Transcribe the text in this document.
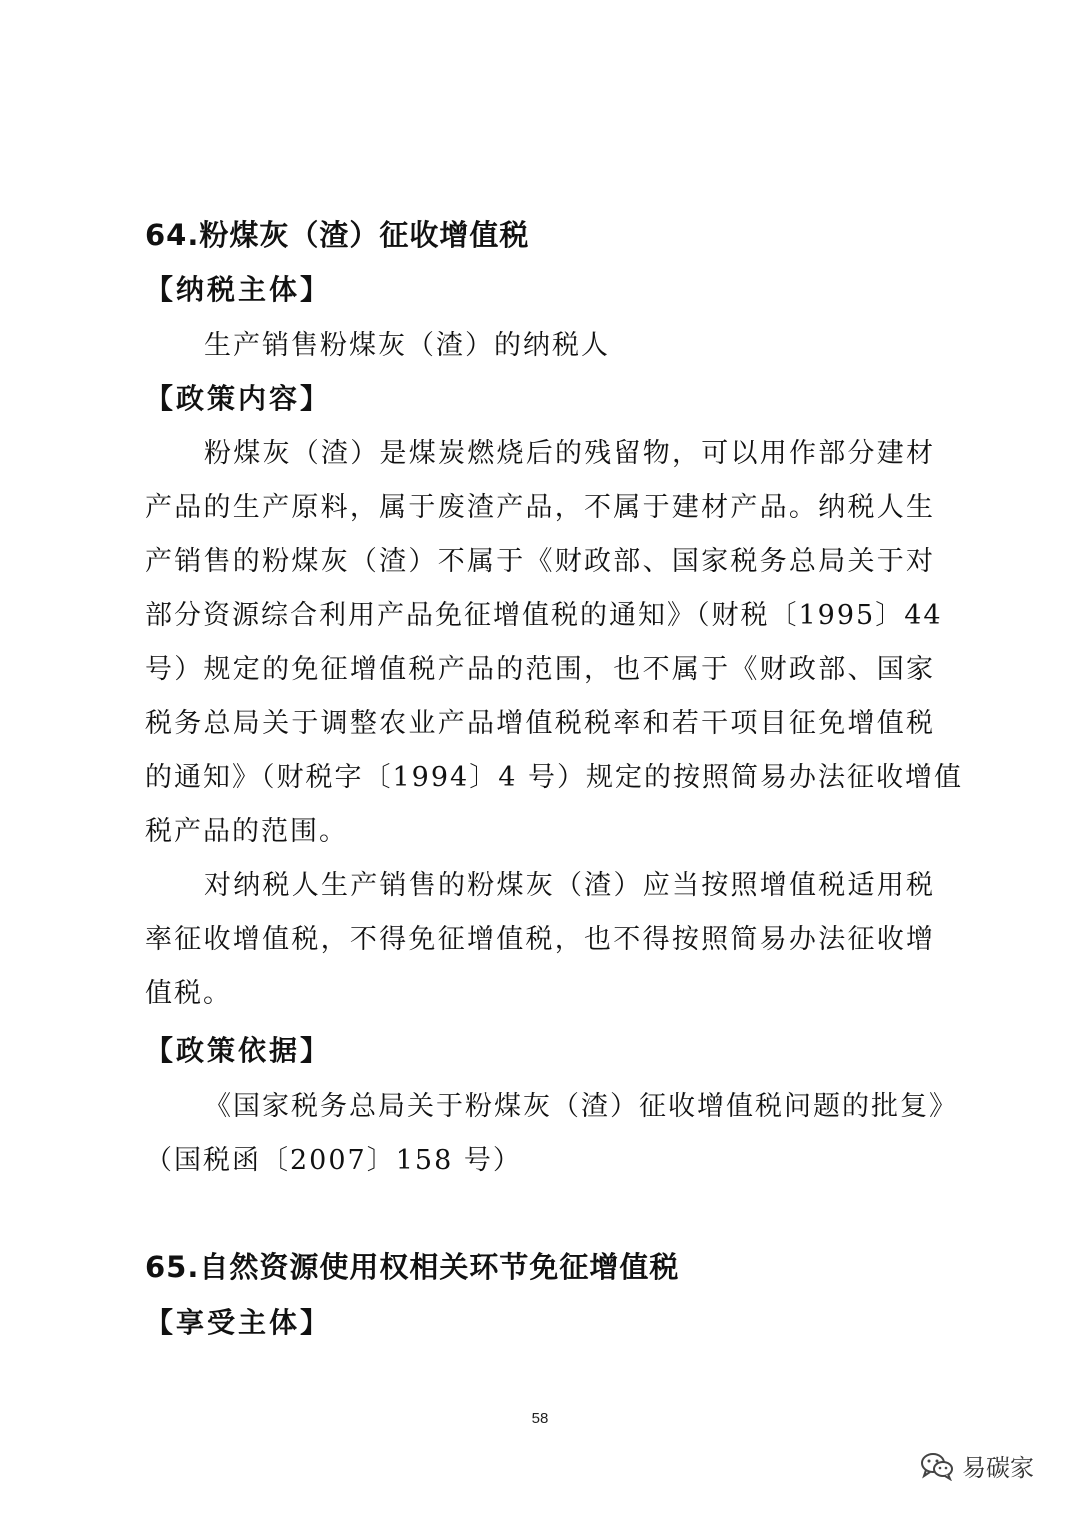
64.粉煤灰（渣）征收增值税
【纳税主体】
生产销售粉煤灰（渣）的纳税人
【政策内容】
粉煤灰（渣）是煤炭燃烧后的残留物，可以用作部分建材
产品的生产原料，属于废渣产品，不属于建材产品。纳税人生
产销售的粉煤灰（渣）不属于《财政部、国家税务总局关于对
部分资源综合利用产品免征增值税的通知》（财税〔1995〕44
号）规定的免征增值税产品的范围，也不属于《财政部、国家
税务总局关于调整农业产品增值税税率和若干项目征免增值税
的通知》（财税字〔1994〕4 号）规定的按照简易办法征收增值
税产品的范围。
对纳税人生产销售的粉煤灰（渣）应当按照增值税适用税
率征收增值税，不得免征增值税，也不得按照简易办法征收增
值税。
【政策依据】
《国家税务总局关于粉煤灰（渣）征收增值税问题的批复》
（国税函〔2007〕158 号）
65.自然资源使用权相关环节免征增值税
【享受主体】
58
易碳家
